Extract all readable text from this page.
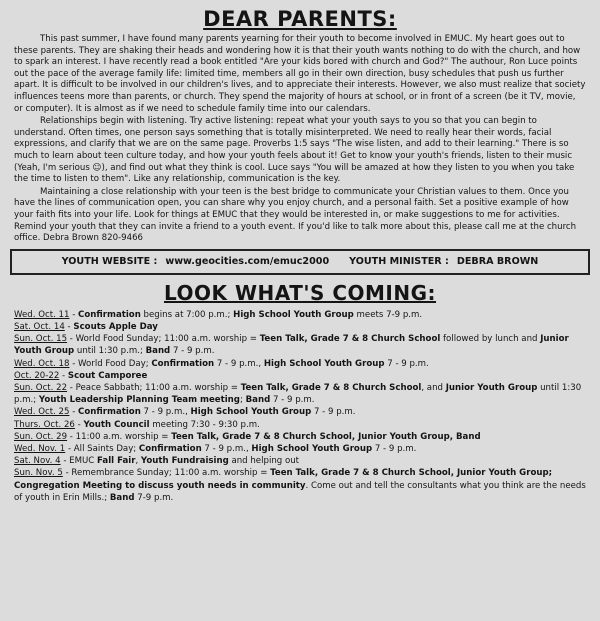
DEAR PARENTS:

This past summer, I have found many parents yearning for their youth to become involved in EMUC. My heart goes out to these parents. They are shaking their heads and wondering how it is that their youth wants nothing to do with the church, and how to spark an interest. I have recently read a book entitled "Are your kids bored with church and God?" The authour, Ron Luce points out the pace of the average family life: limited time, members all go in their own direction, busy schedules that push us further apart. It is difficult to be involved in our children's lives, and to appreciate their interests. However, we also must realize that society influences teens more than parents, or church. They spend the majority of hours at school, or in front of a screen (be it TV, movie, or computer). It is almost as if we need to schedule family time into our calendars.

Relationships begin with listening. Try active listening: repeat what your youth says to you so that you can begin to understand. Often times, one person says something that is totally misinterpreted. We need to really hear their words, facial expressions, and clarify that we are on the same page. Proverbs 1:5 says "The wise listen, and add to their learning." There is so much to learn about teen culture today, and how your youth feels about it! Get to know your youth's friends, listen to their music (Yeah, I'm serious ☺), and find out what they think is cool. Luce says "You will be amazed at how they listen to you when you take the time to listen to them". Like any relationship, communication is the key.

Maintaining a close relationship with your teen is the best bridge to communicate your Christian values to them. Once you have the lines of communication open, you can share why you enjoy church, and a personal faith. Set a positive example of how your faith fits into your life. Look for things at EMUC that they would be interested in, or make suggestions to me for activities. Remind your youth that they can invite a friend to a youth event. If you'd like to talk more about this, please call me at the church office. Debra Brown 820-9466

YOUTH WEBSITE : www.geocities.com/emuc2000 YOUTH MINISTER : DEBRA BROWN
LOOK WHAT'S COMING:
Wed. Oct. 11 - Confirmation begins at 7:00 p.m.; High School Youth Group meets 7-9 p.m.
Sat. Oct. 14 - Scouts Apple Day
Sun. Oct. 15 - World Food Sunday; 11:00 a.m. worship = Teen Talk, Grade 7 & 8 Church School followed by lunch and Junior Youth Group until 1:30 p.m.; Band 7 - 9 p.m.
Wed. Oct. 18 - World Food Day; Confirmation 7 - 9 p.m., High School Youth Group 7 - 9 p.m.
Oct. 20-22 - Scout Camporee
Sun. Oct. 22 - Peace Sabbath; 11:00 a.m. worship = Teen Talk, Grade 7 & 8 Church School, and Junior Youth Group until 1:30 p.m.; Youth Leadership Planning Team meeting; Band 7 - 9 p.m.
Wed. Oct. 25 - Confirmation 7 - 9 p.m., High School Youth Group 7 - 9 p.m.
Thurs. Oct. 26 - Youth Council meeting 7:30 - 9:30 p.m.
Sun. Oct. 29 - 11:00 a.m. worship = Teen Talk, Grade 7 & 8 Church School, Junior Youth Group, Band
Wed. Nov. 1 - All Saints Day; Confirmation 7 - 9 p.m., High School Youth Group 7 - 9 p.m.
Sat. Nov. 4 - EMUC Fall Fair, Youth Fundraising and helping out
Sun. Nov. 5 - Remembrance Sunday; 11:00 a.m. worship = Teen Talk, Grade 7 & 8 Church School, Junior Youth Group; Congregation Meeting to discuss youth needs in community. Come out and tell the consultants what you think are the needs of youth in Erin Mills.; Band 7-9 p.m.
